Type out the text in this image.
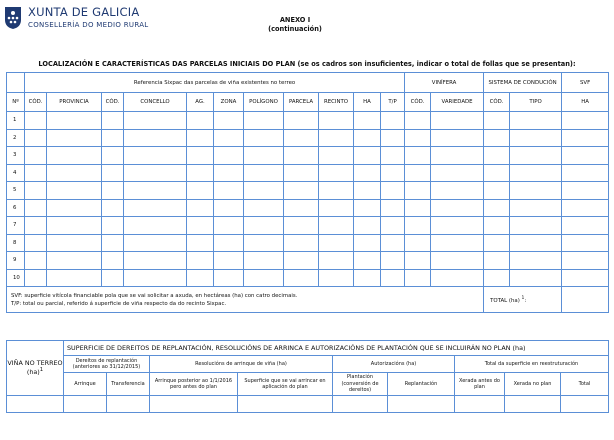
XUNTA DE GALICIA
CONSELLERÍA DO MEDIO RURAL
ANEXO I
(continuación)
LOCALIZACIÓN E CARACTERÍSTICAS DAS PARCELAS INICIAIS DO PLAN (se os cadros son insuficientes, indicar o total de follas que se presentan):
	Referencia Sixpac das parcelas de viña existentes no terreo											VINÍFERA		SISTEMA DE CONDUCIÓN		SVF
Nº	CÓD.	PROVINCIA	CÓD.	CONCELLO	AG.	ZONA	POLÍGONO	PARCELA	RECINTO	HA	T/P	CÓD.	VARIEDADE	CÓD.	TIPO	HA
1																
2																
3																
4																
5																
6																
7																
8																
9																
10																

SVF: superficie vitícola financiable pola que se vai solicitar a axuda, en hectáreas (ha) con catro decimais.
T/P: total ou parcial, referido á superficie de viña respecto da do recinto Sixpac.														TOTAL (ha) $^1$:		
VIÑA NO TERREO (ha)$^1$	SUPERFICIE DE DEREITOS DE REPLANTACIÓN, RESOLUCIÓNS DE ARRINCA E AUTORIZACIÓNS DE PLANTACIÓN QUE SE INCLUIRÁN NO PLAN (ha)								
	Dereitos de replantación (anteriores ao 31/12/2015)		Resolucións de arrinque de viña (ha)		Autorizacións (ha)		Total da superficie en reestruturación		
	Arrinque	Transferencia	Arrinque posterior ao 1/1/2016 pero antes do plan	Superficie que se vai arrincar en aplicación do plan	Plantación (conversión de dereitos)	Replantación	Xerada antes do plan	Xerada no plan	Total
